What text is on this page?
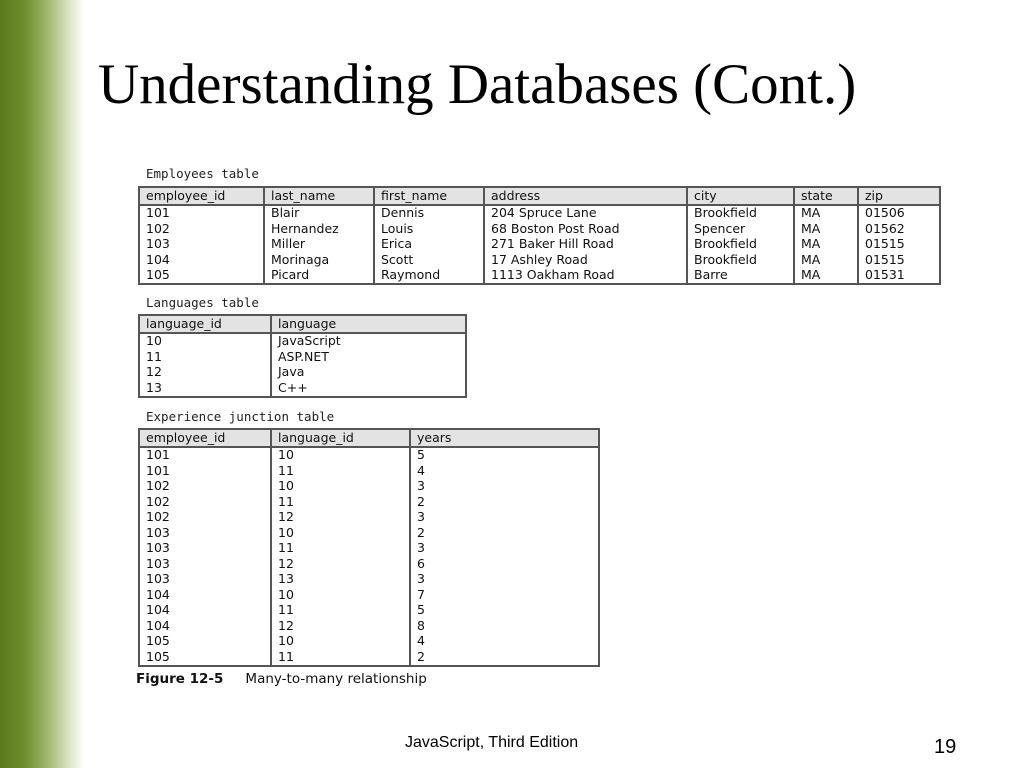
Understanding Databases (Cont.)
Employees table
employee_id	last_name	first_name	address	city	state	zip
101	Blair	Dennis	204 Spruce Lane	Brookfield	MA	01506
102	Hernandez	Louis	68 Boston Post Road	Spencer	MA	01562
103	Miller	Erica	271 Baker Hill Road	Brookfield	MA	01515
104	Morinaga	Scott	17 Ashley Road	Brookfield	MA	01515
105	Picard	Raymond	1113 Oakham Road	Barre	MA	01531
Languages table
language_id	language
10	JavaScript
11	ASP.NET
12	Java
13	C++
Experience junction table
employee_id	language_id	years
101	10	5
101	11	4
102	10	3
102	11	2
102	12	3
103	10	2
103	11	3
103	12	6
103	13	3
104	10	7
104	11	5
104	12	8
105	10	4
105	11	2
Figure 12-5 Many-to-many relationship
JavaScript, Third Edition	19
